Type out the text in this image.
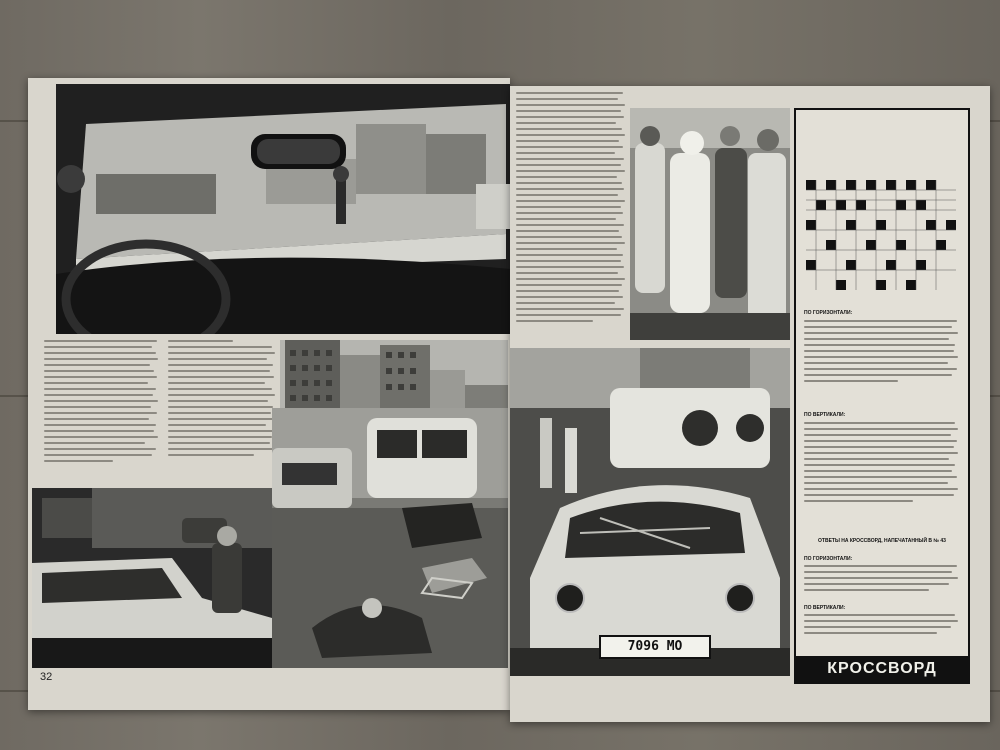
32
7096 МО
ПО ГОРИЗОНТАЛИ:
ПО ВЕРТИКАЛИ:
ОТВЕТЫ НА КРОССВОРД, НАПЕЧАТАННЫЙ В № 43
ПО ГОРИЗОНТАЛИ:
ПО ВЕРТИКАЛИ:
КРОССВОРД
